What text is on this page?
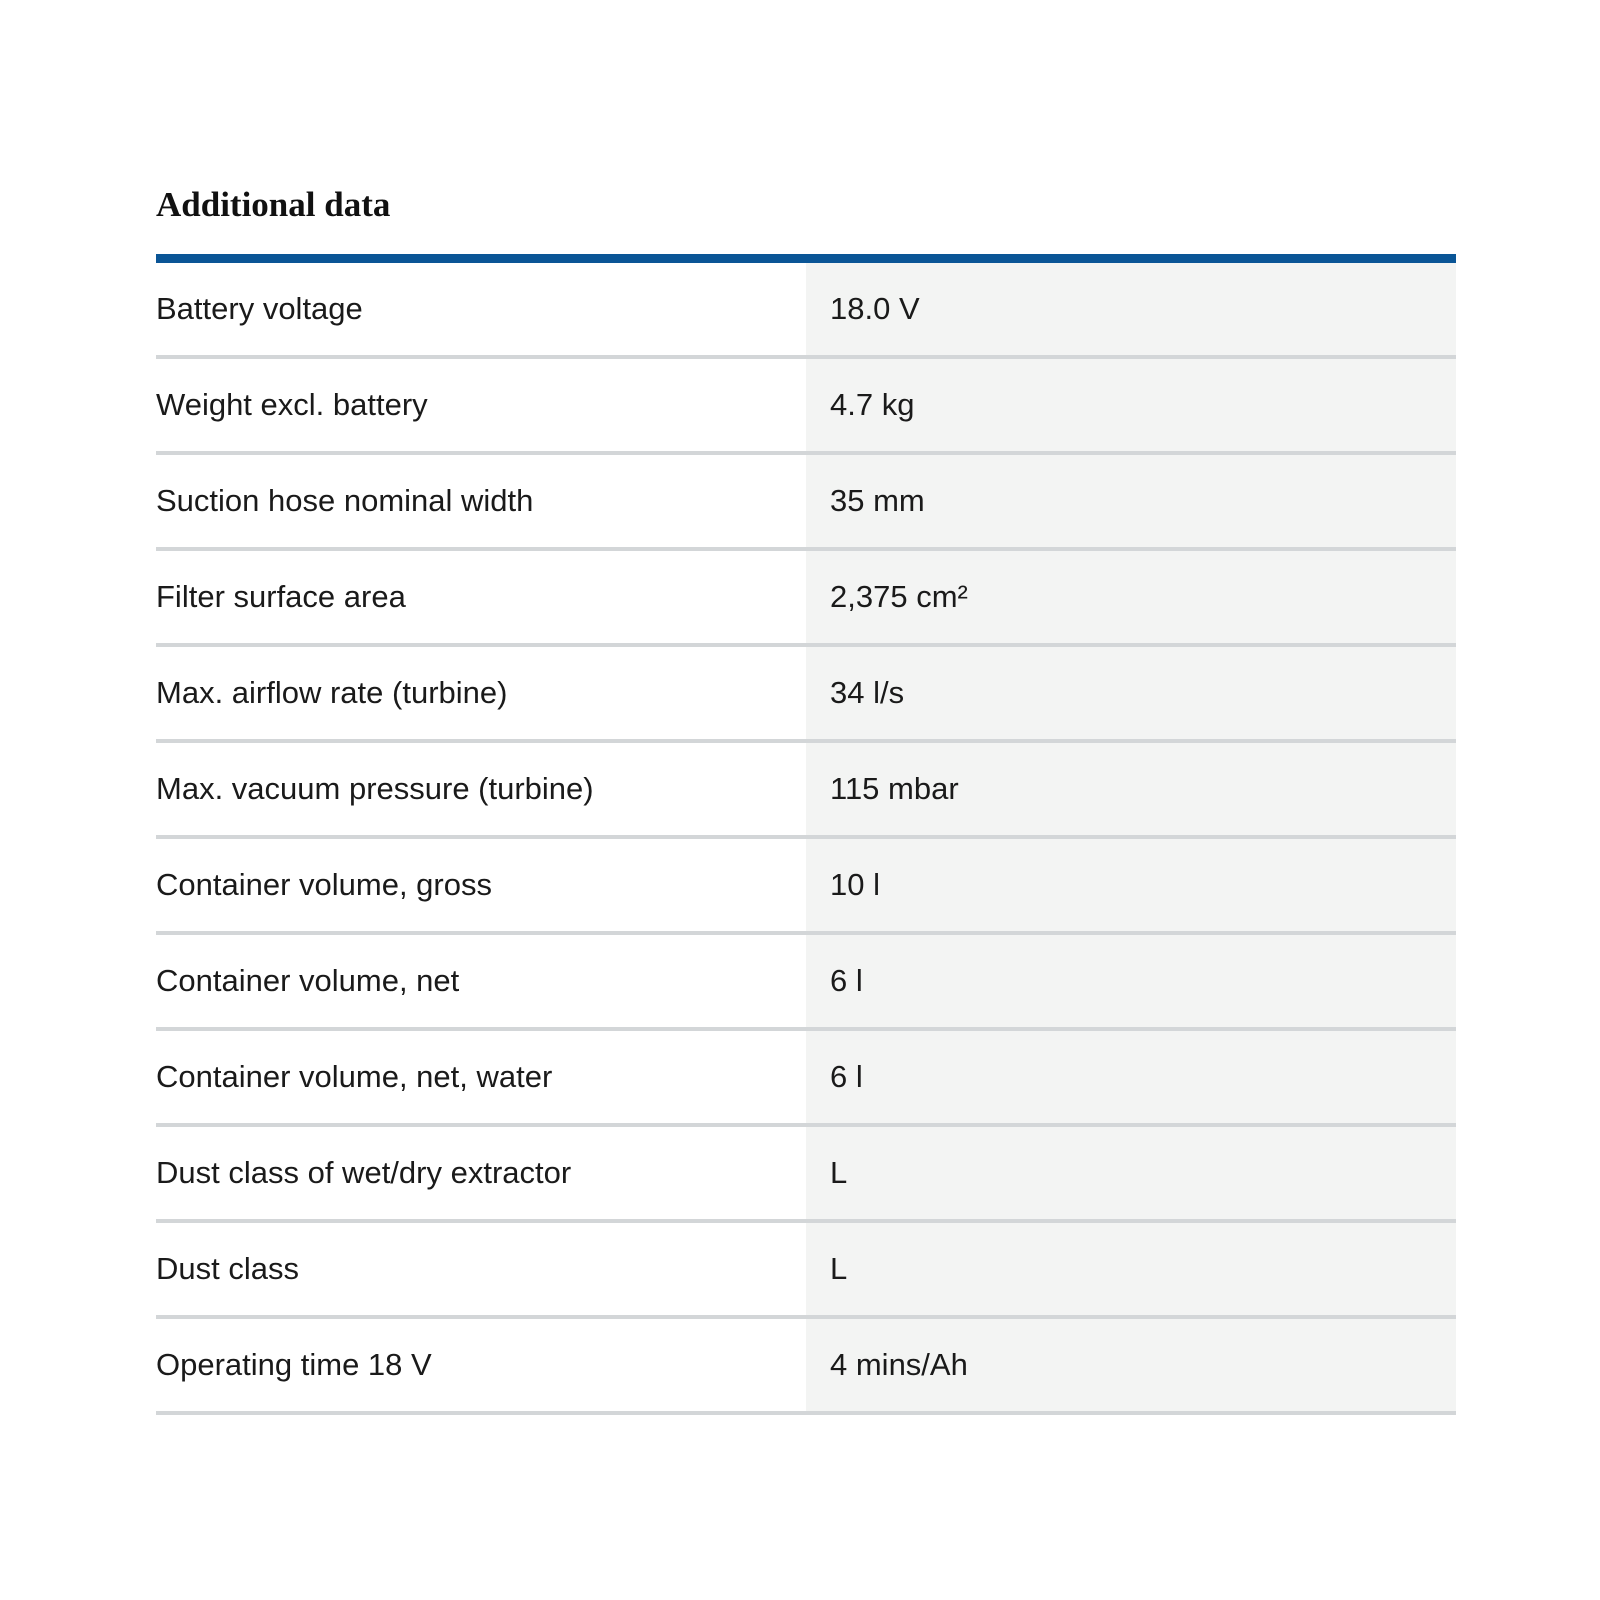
Additional data
Battery voltage	18.0 V
Weight excl. battery	4.7 kg
Suction hose nominal width	35 mm
Filter surface area	2,375 cm²
Max. airflow rate (turbine)	34 l/s
Max. vacuum pressure (turbine)	115 mbar
Container volume, gross	10 l
Container volume, net	6 l
Container volume, net, water	6 l
Dust class of wet/dry extractor	L
Dust class	L
Operating time 18 V	4 mins/Ah
